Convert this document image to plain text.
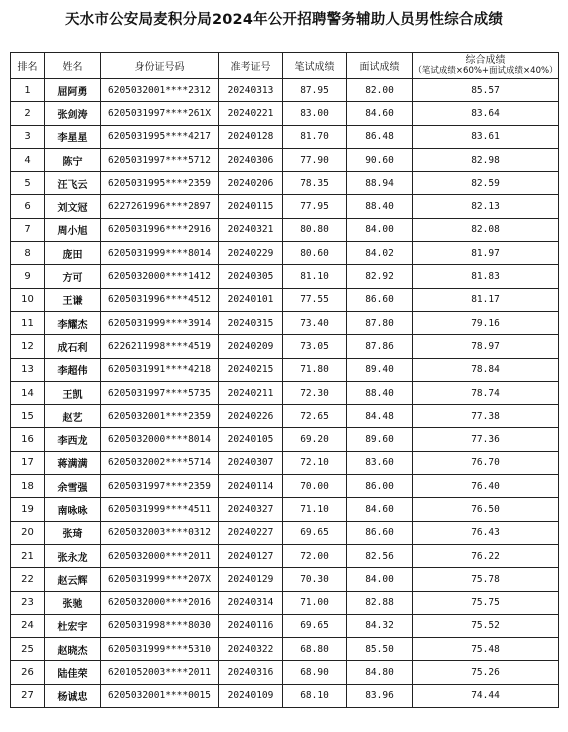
天水市公安局麦积分局2024年公开招聘警务辅助人员男性综合成绩
排名	姓名	身份证号码	准考证号	笔试成绩	面试成绩	综合成绩
（笔试成绩×60%+面试成绩×40%）

1	屈阿勇	6205032001****2312	20240313	87.95	82.00	85.57
2	张剑涛	6205031997****261X	20240221	83.00	84.60	83.64
3	李星星	6205031995****4217	20240128	81.70	86.48	83.61
4	陈宁	6205031997****5712	20240306	77.90	90.60	82.98
5	汪飞云	6205031995****2359	20240206	78.35	88.94	82.59
6	刘文冠	6227261996****2897	20240115	77.95	88.40	82.13
7	周小旭	6205031996****2916	20240321	80.80	84.00	82.08
8	庞田	6205031999****8014	20240229	80.60	84.02	81.97
9	方可	6205032000****1412	20240305	81.10	82.92	81.83
10	王谦	6205031996****4512	20240101	77.55	86.60	81.17
11	李耀杰	6205031999****3914	20240315	73.40	87.80	79.16
12	成石利	6226211998****4519	20240209	73.05	87.86	78.97
13	李超伟	6205031991****4218	20240215	71.80	89.40	78.84
14	王凯	6205031997****5735	20240211	72.30	88.40	78.74
15	赵艺	6205032001****2359	20240226	72.65	84.48	77.38
16	李西龙	6205032000****8014	20240105	69.20	89.60	77.36
17	蒋满满	6205032002****5714	20240307	72.10	83.60	76.70
18	余雪强	6205031997****2359	20240114	70.00	86.00	76.40
19	南咏咏	6205031999****4511	20240327	71.10	84.60	76.50
20	张琦	6205032003****0312	20240227	69.65	86.60	76.43
21	张永龙	6205032000****2011	20240127	72.00	82.56	76.22
22	赵云辉	6205031999****207X	20240129	70.30	84.00	75.78
23	张驰	6205032000****2016	20240314	71.00	82.88	75.75
24	杜宏宇	6205031998****8030	20240116	69.65	84.32	75.52
25	赵晓杰	6205031999****5310	20240322	68.80	85.50	75.48
26	陆佳荣	6201052003****2011	20240316	68.90	84.80	75.26
27	杨诚忠	6205032001****0015	20240109	68.10	83.96	74.44
